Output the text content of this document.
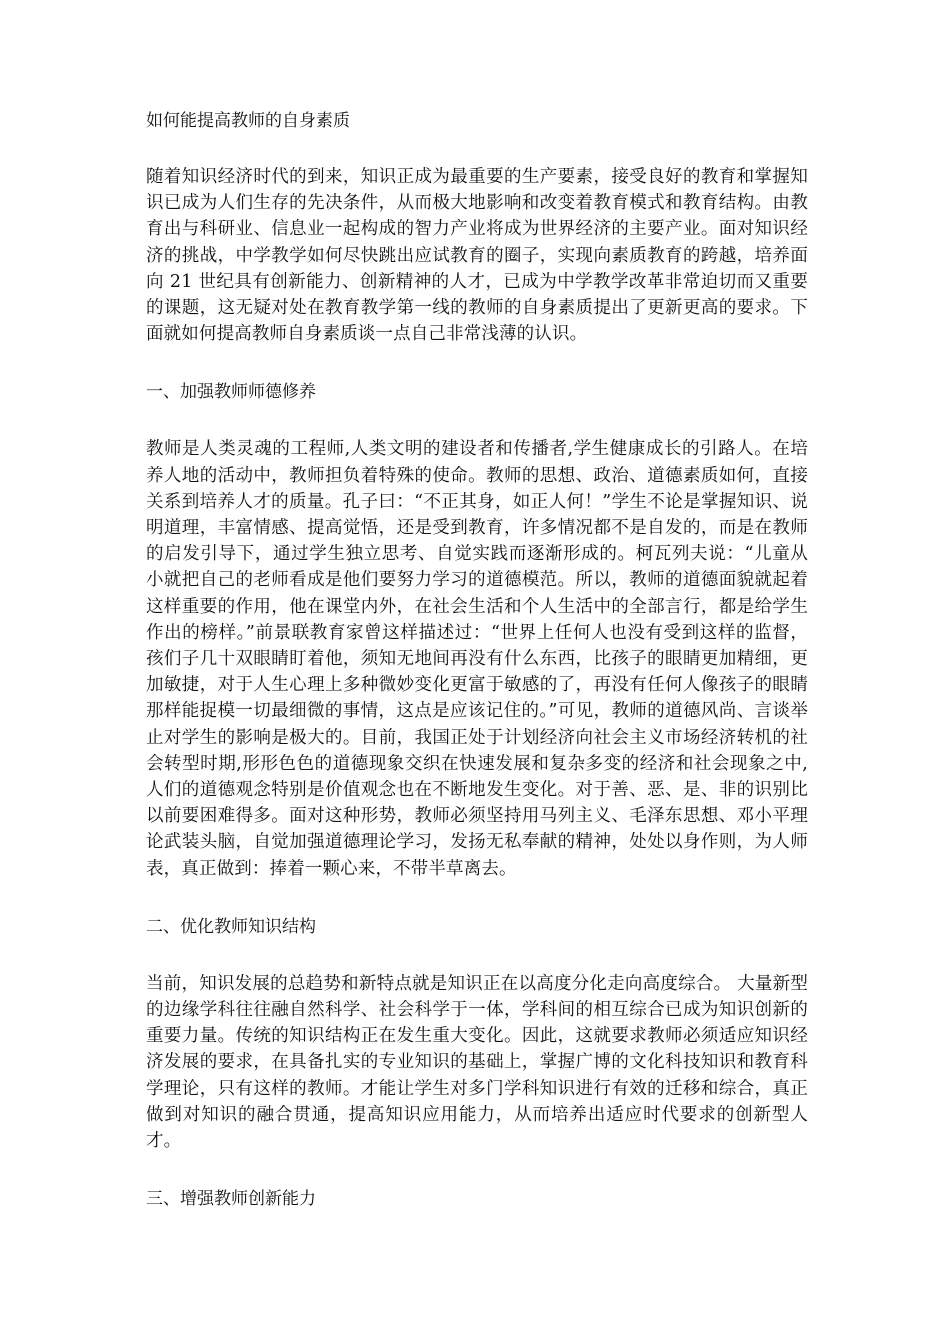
如何能提高教师的自身素质

随着知识经济时代的到来，知识正成为最重要的生产要素，接受良好的教育和掌握知识已成为人们生存的先决条件，从而极大地影响和改变着教育模式和教育结构。由教育出与科研业、信息业一起构成的智力产业将成为世界经济的主要产业。面对知识经济的挑战，中学教学如何尽快跳出应试教育的圈子，实现向素质教育的跨越，培养面向 21 世纪具有创新能力、创新精神的人才，已成为中学教学改革非常迫切而又重要的课题，这无疑对处在教育教学第一线的教师的自身素质提出了更新更高的要求。下面就如何提高教师自身素质谈一点自己非常浅薄的认识。

一、加强教师师德修养

教师是人类灵魂的工程师,人类文明的建设者和传播者,学生健康成长的引路人。在培养人地的活动中，教师担负着特殊的使命。教师的思想、政治、道德素质如何，直接关系到培养人才的质量。孔子曰：“不正其身，如正人何！”学生不论是掌握知识、说明道理，丰富情感、提高觉悟，还是受到教育，许多情况都不是自发的，而是在教师的启发引导下，通过学生独立思考、自觉实践而逐渐形成的。柯瓦列夫说：“儿童从小就把自己的老师看成是他们要努力学习的道德模范。所以，教师的道德面貌就起着这样重要的作用，他在课堂内外，在社会生活和个人生活中的全部言行，都是给学生作出的榜样。”前景联教育家曾这样描述过：“世界上任何人也没有受到这样的监督，孩们子几十双眼睛盯着他，须知无地间再没有什么东西，比孩子的眼睛更加精细，更加敏捷，对于人生心理上多种微妙变化更富于敏感的了，再没有任何人像孩子的眼睛那样能捉模一切最细微的事情，这点是应该记住的。”可见，教师的道德风尚、言谈举止对学生的影响是极大的。目前，我国正处于计划经济向社会主义市场经济转机的社会转型时期,形形色色的道德现象交织在快速发展和复杂多变的经济和社会现象之中,人们的道德观念特别是价值观念也在不断地发生变化。对于善、恶、是、非的识别比以前要困难得多。面对这种形势，教师必须坚持用马列主义、毛泽东思想、邓小平理论武装头脑，自觉加强道德理论学习，发扬无私奉献的精神，处处以身作则，为人师表，真正做到：捧着一颗心来，不带半草离去。

二、优化教师知识结构

当前，知识发展的总趋势和新特点就是知识正在以高度分化走向高度综合。 大量新型的边缘学科往往融自然科学、社会科学于一体，学科间的相互综合已成为知识创新的重要力量。传统的知识结构正在发生重大变化。因此，这就要求教师必须适应知识经济发展的要求，在具备扎实的专业知识的基础上，掌握广博的文化科技知识和教育科学理论，只有这样的教师。才能让学生对多门学科知识进行有效的迁移和综合，真正做到对知识的融合贯通，提高知识应用能力，从而培养出适应时代要求的创新型人才。

三、增强教师创新能力
